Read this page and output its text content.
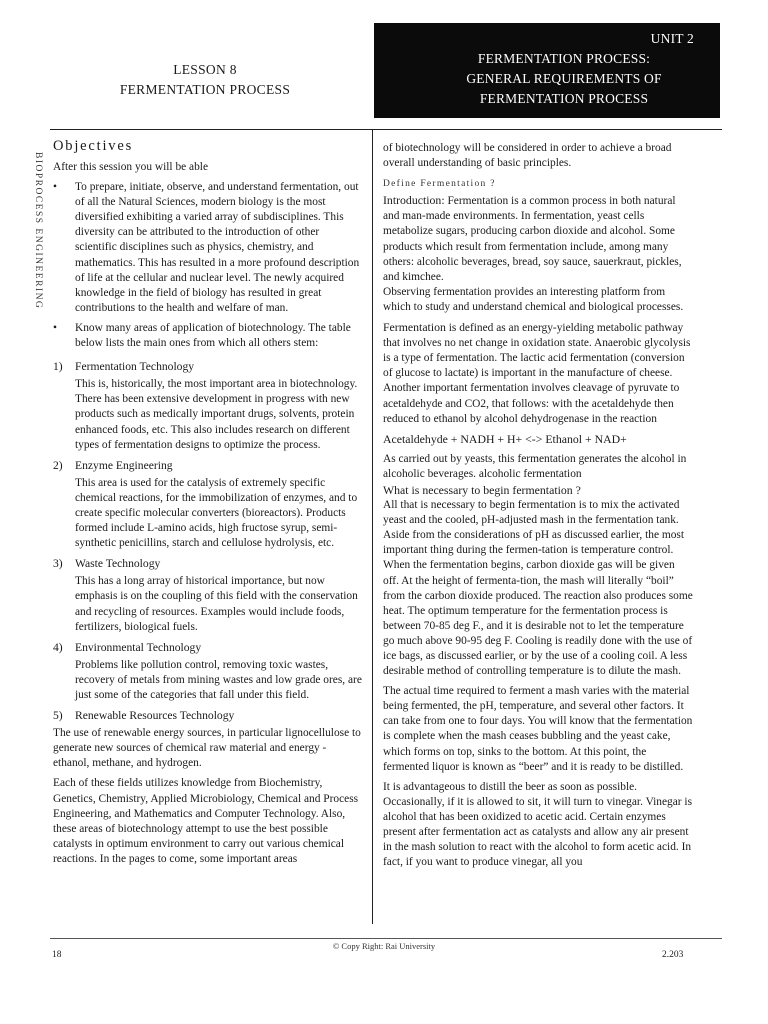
LESSON 8
FERMENTATION PROCESS
UNIT 2
FERMENTATION PROCESS:
GENERAL REQUIREMENTS OF
FERMENTATION PROCESS
BIOPROCESS ENGINEERING

Objectives

After this session you will be able

•	To prepare, initiate, observe, and understand fermentation, out of all the Natural Sciences, modern biology is the most diversified exhibiting a varied array of subdisciplines. This diversity can be attributed to the introduction of other scientific disciplines such as physics, chemistry, and mathematics. This has resulted in a more profound description of life at the cellular and nuclear level. The newly acquired knowledge in the field of biology has resulted in great contributions to the health and welfare of man.

•	Know many areas of application of biotechnology. The table below lists the main ones from which all others stem:

1)	Fermentation Technology

This is, historically, the most important area in biotechnology. There has been extensive development in progress with new products such as medically important drugs, solvents, protein enhanced foods, etc. This also includes research on different types of fermentation designs to optimize the process.

2)	Enzyme Engineering

This area is used for the catalysis of extremely specific chemical reactions, for the immobilization of enzymes, and to create specific molecular converters (bioreactors). Products formed include L-amino acids, high fructose syrup, semi-synthetic penicillins, starch and cellulose hydrolysis, etc.

3)	Waste Technology

This has a long array of historical importance, but now emphasis is on the coupling of this field with the conservation and recycling of resources. Examples would include foods, fertilizers, biological fuels.

4)	Environmental Technology

Problems like pollution control, removing toxic wastes, recovery of metals from mining wastes and low grade ores, are just some of the categories that fall under this field.

5)	Renewable Resources Technology

The use of renewable energy sources, in particular lignocellulose to generate new sources of chemical raw material and energy - ethanol, methane, and hydrogen.

Each of these fields utilizes knowledge from Biochemistry, Genetics, Chemistry, Applied Microbiology, Chemical and Process Engineering, and Mathematics and Computer Technology. Also, these areas of biotechnology attempt to use the best possible catalysts in optimum environment to carry out various chemical reactions. In the pages to come, some important areas

of biotechnology will be considered in order to achieve a broad overall understanding of basic principles.

Define Fermentation ?

Introduction: Fermentation is a common process in both natural and man-made environments. In fermentation, yeast cells metabolize sugars, producing carbon dioxide and alcohol. Some products which result from fermentation include, among many others: alcoholic beverages, bread, soy sauce, sauerkraut, pickles, and kimchee.

Observing fermentation provides an interesting platform from which to study and understand chemical and biological processes.

Fermentation is defined as an energy-yielding metabolic pathway that involves no net change in oxidation state. Anaerobic glycolysis is a type of fermentation. The lactic acid fermentation (conversion of glucose to lactate) is important in the manufacture of cheese. Another important fermentation involves cleavage of pyruvate to acetaldehyde and CO2, that follows: with the acetaldehyde then reduced to ethanol by alcohol dehydrogenase in the reaction

Acetaldehyde + NADH + H+ <-> Ethanol + NAD+

As carried out by yeasts, this fermentation generates the alcohol in alcoholic beverages. alcoholic fermentation

What is necessary to begin fermentation ?

All that is necessary to begin fermentation is to mix the activated yeast and the cooled, pH-adjusted mash in the fermentation tank. Aside from the considerations of pH as discussed earlier, the most important thing during the fermen-tation is temperature control. When the fermentation begins, carbon dioxide gas will be given off. At the height of fermenta-tion, the mash will literally “boil” from the carbon dioxide produced. The reaction also produces some heat. The optimum temperature for the fermentation process is between 70-85 deg F., and it is desirable not to let the temperature go much above 90-95 deg F. Cooling is readily done with the use of ice bags, as discussed earlier, or by the use of a cooling coil. A less desirable method of controlling temperature is to dilute the mash.

The actual time required to ferment a mash varies with the material being fermented, the pH, temperature, and several other factors. It can take from one to four days. You will know that the fermentation is complete when the mash ceases bubbling and the yeast cake, which forms on top, sinks to the bottom. At this point, the fermented liquor is known as “beer” and it is ready to be distilled.

It is advantageous to distill the beer as soon as possible. Occasionally, if it is allowed to sit, it will turn to vinegar. Vinegar is alcohol that has been oxidized to acetic acid. Certain enzymes present after fermentation act as catalysts and allow any air present in the mash solution to react with the alcohol to form acetic acid. In fact, if you want to produce vinegar, all you

© Copy Right: Rai University
18	2.203
